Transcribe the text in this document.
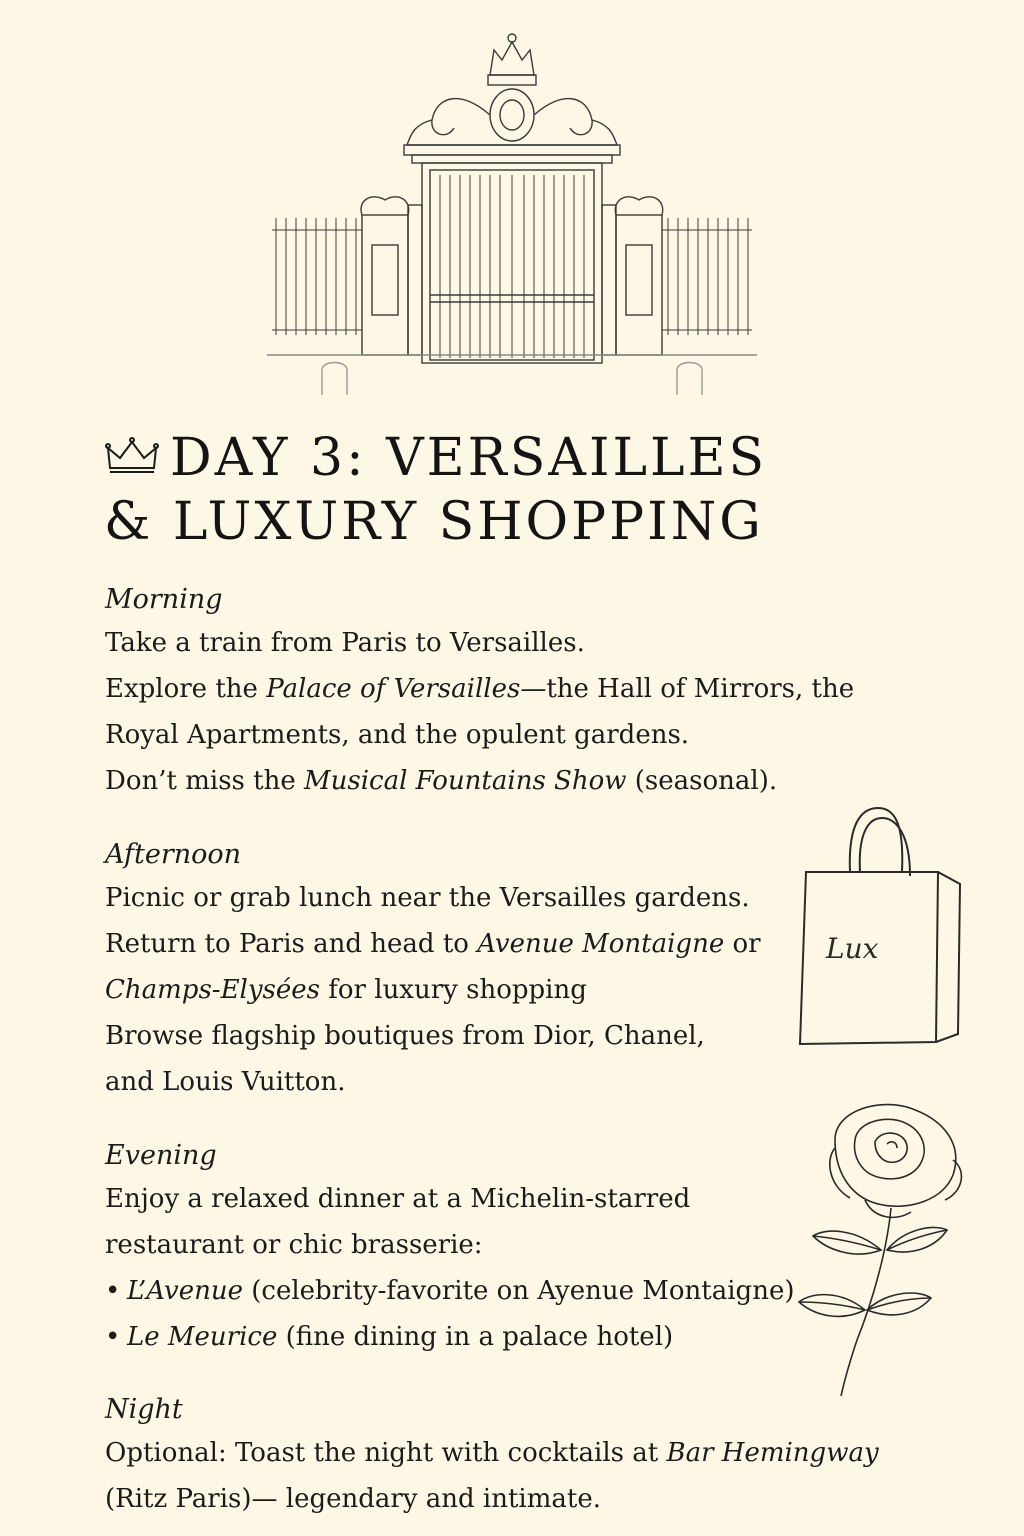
DAY 3: VERSAILLES
& LUXURY SHOPPING

Morning

Take a train from Paris to Versailles.

Explore the Palace of Versailles—the Hall of Mirrors, the

Royal Apartments, and the opulent gardens.

Don’t miss the Musical Fountains Show (seasonal).

Afternoon

Picnic or grab lunch near the Versailles gardens.

Return to Paris and head to Avenue Montaigne or

Champs-Elysées for luxury shopping

Browse flagship boutiques from Dior, Chanel,

and Louis Vuitton.

Lux

Evening

Enjoy a relaxed dinner at a Michelin-starred

restaurant or chic brasserie:

• L’Avenue (celebrity-favorite on Ayenue Montaigne)

• Le Meurice (fine dining in a palace hotel)

Night

Optional: Toast the night with cocktails at Bar Hemingway

(Ritz Paris)— legendary and intimate.
